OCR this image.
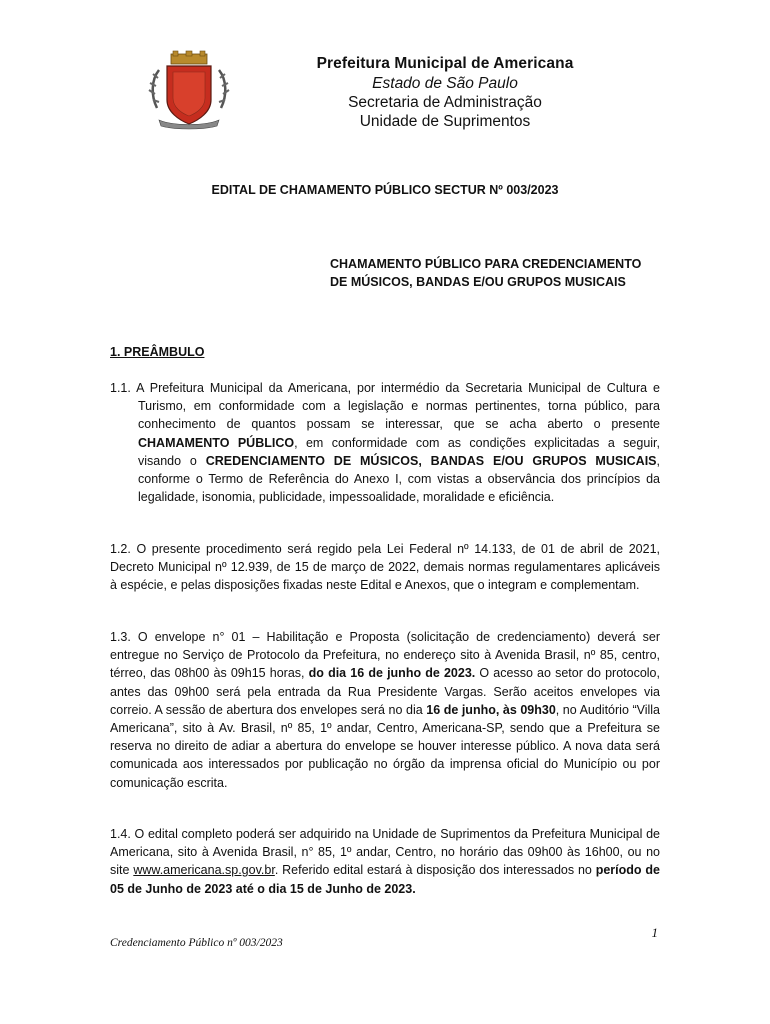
Prefeitura Municipal de Americana
Estado de São Paulo
Secretaria de Administração
Unidade de Suprimentos
EDITAL DE CHAMAMENTO PÚBLICO SECTUR Nº 003/2023
CHAMAMENTO PÚBLICO PARA CREDENCIAMENTO
DE MÚSICOS, BANDAS E/OU GRUPOS MUSICAIS
1. PREÂMBULO
1.1. A Prefeitura Municipal da Americana, por intermédio da Secretaria Municipal de Cultura e Turismo, em conformidade com a legislação e normas pertinentes, torna público, para conhecimento de quantos possam se interessar, que se acha aberto o presente CHAMAMENTO PÚBLICO, em conformidade com as condições explicitadas a seguir, visando o CREDENCIAMENTO DE MÚSICOS, BANDAS E/OU GRUPOS MUSICAIS, conforme o Termo de Referência do Anexo I, com vistas a observância dos princípios da legalidade, isonomia, publicidade, impessoalidade, moralidade e eficiência.
1.2. O presente procedimento será regido pela Lei Federal nº 14.133, de 01 de abril de 2021, Decreto Municipal nº 12.939, de 15 de março de 2022, demais normas regulamentares aplicáveis à espécie, e pelas disposições fixadas neste Edital e Anexos, que o integram e complementam.
1.3. O envelope n° 01 – Habilitação e Proposta (solicitação de credenciamento) deverá ser entregue no Serviço de Protocolo da Prefeitura, no endereço sito à Avenida Brasil, nº 85, centro, térreo, das 08h00 às 09h15 horas, do dia 16 de junho de 2023. O acesso ao setor do protocolo, antes das 09h00 será pela entrada da Rua Presidente Vargas. Serão aceitos envelopes via correio. A sessão de abertura dos envelopes será no dia 16 de junho, às 09h30, no Auditório “Villa Americana”, sito à Av. Brasil, nº 85, 1º andar, Centro, Americana-SP, sendo que a Prefeitura se reserva no direito de adiar a abertura do envelope se houver interesse público. A nova data será comunicada aos interessados por publicação no órgão da imprensa oficial do Município ou por comunicação escrita.
1.4. O edital completo poderá ser adquirido na Unidade de Suprimentos da Prefeitura Municipal de Americana, sito à Avenida Brasil, n° 85, 1º andar, Centro, no horário das 09h00 às 16h00, ou no site www.americana.sp.gov.br. Referido edital estará à disposição dos interessados no período de 05 de Junho de 2023 até o dia 15 de Junho de 2023.
1
Credenciamento Público nº 003/2023
